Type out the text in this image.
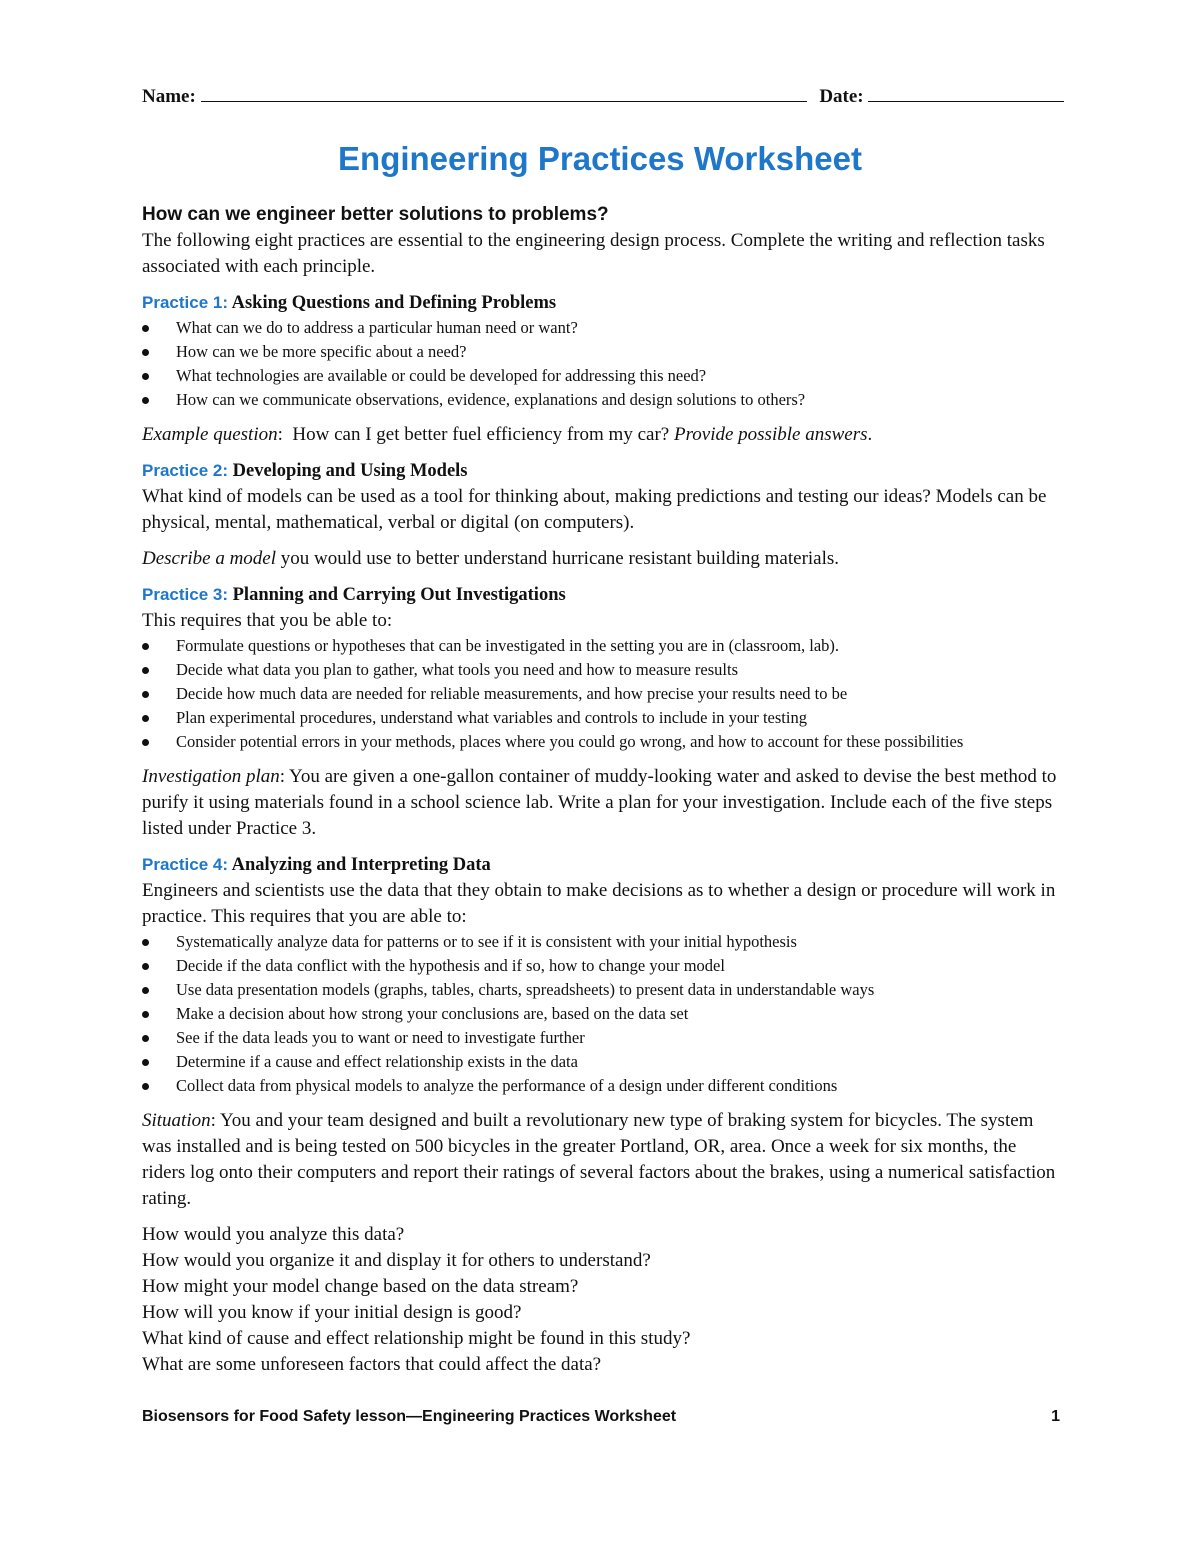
Name:	Date:
Engineering Practices Worksheet

How can we engineer better solutions to problems?

The following eight practices are essential to the engineering design process. Complete the writing and reflection tasks associated with each principle.

Practice 1: Asking Questions and Defining Problems

What can we do to address a particular human need or want?
How can we be more specific about a need?
What technologies are available or could be developed for addressing this need?
How can we communicate observations, evidence, explanations and design solutions to others?

Example question:  How can I get better fuel efficiency from my car? Provide possible answers.

Practice 2: Developing and Using Models

What kind of models can be used as a tool for thinking about, making predictions and testing our ideas? Models can be physical, mental, mathematical, verbal or digital (on computers).

Describe a model you would use to better understand hurricane resistant building materials.

Practice 3: Planning and Carrying Out Investigations

This requires that you be able to:

Formulate questions or hypotheses that can be investigated in the setting you are in (classroom, lab).
Decide what data you plan to gather, what tools you need and how to measure results
Decide how much data are needed for reliable measurements, and how precise your results need to be
Plan experimental procedures, understand what variables and controls to include in your testing
Consider potential errors in your methods, places where you could go wrong, and how to account for these possibilities

Investigation plan: You are given a one-gallon container of muddy-looking water and asked to devise the best method to purify it using materials found in a school science lab. Write a plan for your investigation. Include each of the five steps listed under Practice 3.

Practice 4: Analyzing and Interpreting Data

Engineers and scientists use the data that they obtain to make decisions as to whether a design or procedure will work in practice. This requires that you are able to:

Systematically analyze data for patterns or to see if it is consistent with your initial hypothesis
Decide if the data conflict with the hypothesis and if so, how to change your model
Use data presentation models (graphs, tables, charts, spreadsheets) to present data in understandable ways
Make a decision about how strong your conclusions are, based on the data set
See if the data leads you to want or need to investigate further
Determine if a cause and effect relationship exists in the data
Collect data from physical models to analyze the performance of a design under different conditions

Situation: You and your team designed and built a revolutionary new type of braking system for bicycles. The system was installed and is being tested on 500 bicycles in the greater Portland, OR, area. Once a week for six months, the riders log onto their computers and report their ratings of several factors about the brakes, using a numerical satisfaction rating.

How would you analyze this data?

How would you organize it and display it for others to understand?

How might your model change based on the data stream?

How will you know if your initial design is good?

What kind of cause and effect relationship might be found in this study?

What are some unforeseen factors that could affect the data?

Biosensors for Food Safety lesson—Engineering Practices Worksheet	1
